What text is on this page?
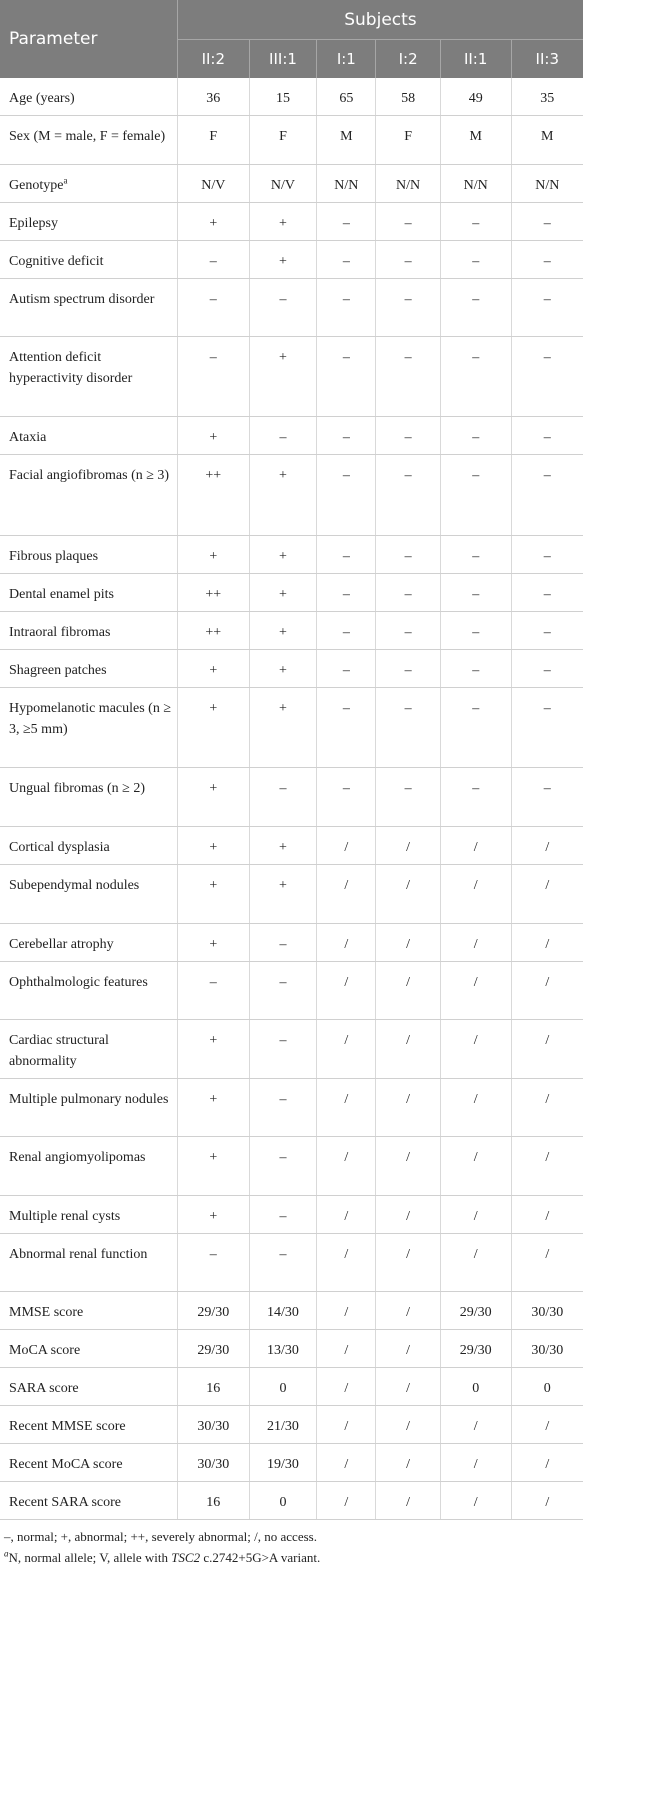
Parameter	Subjects					
	II:2	III:1	I:1	I:2	II:1	II:3
Age (years)	36	15	65	58	49	35
Sex (M = male, F = female)	F	F	M	F	M	M
Genotype$^a$	N/V	N/V	N/N	N/N	N/N	N/N
Epilepsy	+	+	–	–	–	–
Cognitive deficit	–	+	–	–	–	–
Autism spectrum disorder	–	–	–	–	–	–
Attention deficit hyperactivity disorder	–	+	–	–	–	–
Ataxia	+	–	–	–	–	–
Facial angiofibromas (n ≥ 3)	++	+	–	–	–	–
Fibrous plaques	+	+	–	–	–	–
Dental enamel pits	++	+	–	–	–	–
Intraoral fibromas	++	+	–	–	–	–
Shagreen patches	+	+	–	–	–	–
Hypomelanotic macules (n ≥ 3, ≥5 mm)	+	+	–	–	–	–
Ungual fibromas (n ≥ 2)	+	–	–	–	–	–
Cortical dysplasia	+	+	/	/	/	/
Subependymal nodules	+	+	/	/	/	/
Cerebellar atrophy	+	–	/	/	/	/
Ophthalmologic features	–	–	/	/	/	/
Cardiac structural abnormality	+	–	/	/	/	/
Multiple pulmonary nodules	+	–	/	/	/	/
Renal angiomyolipomas	+	–	/	/	/	/
Multiple renal cysts	+	–	/	/	/	/
Abnormal renal function	–	–	/	/	/	/
MMSE score	29/30	14/30	/	/	29/30	30/30
MoCA score	29/30	13/30	/	/	29/30	30/30
SARA score	16	0	/	/	0	0
Recent MMSE score	30/30	21/30	/	/	/	/
Recent MoCA score	30/30	19/30	/	/	/	/
Recent SARA score	16	0	/	/	/	/
–, normal; +, abnormal; ++, severely abnormal; /, no access.
$^a$N, normal allele; V, allele with TSC2 c.2742+5G>A variant.
